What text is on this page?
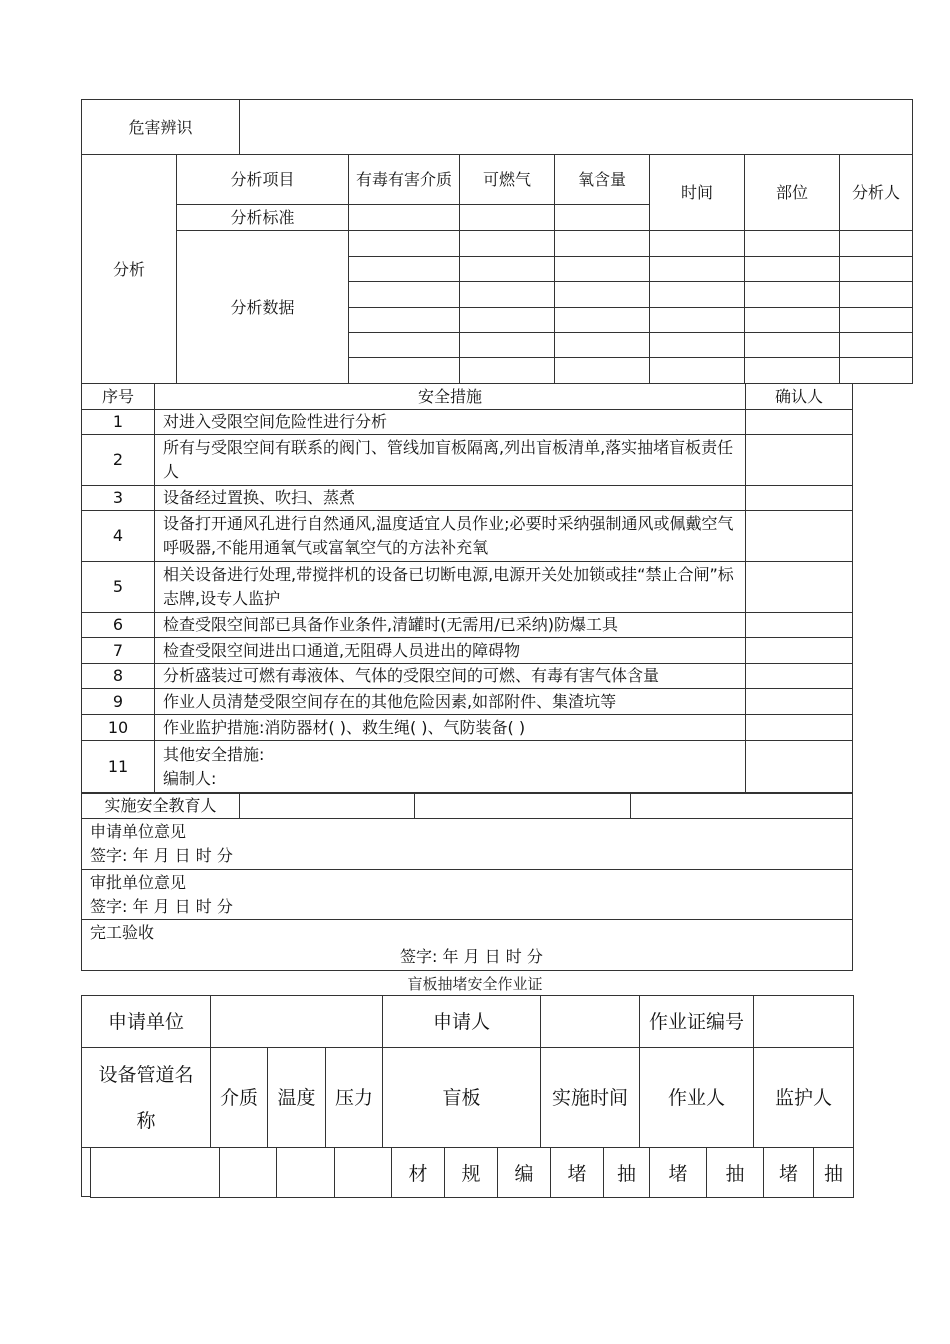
危害辨识								
分析	分析项目		有毒有害介质	可燃气	氧含量	时间	部位	分析人
	分析标准							
	分析数据							

序号	安全措施	确认人
1	对进入受限空间危险性进行分析	
2	所有与受限空间有联系的阀门、管线加盲板隔离,列出盲板清单,落实抽堵盲板责任人	
3	设备经过置换、吹扫、蒸煮	
4	设备打开通风孔进行自然通风,温度适宜人员作业;必要时采纳强制通风或佩戴空气呼吸器,不能用通氧气或富氧空气的方法补充氧	
5	相关设备进行处理,带搅拌机的设备已切断电源,电源开关处加锁或挂“禁止合闸”标志牌,设专人监护	
6	检查受限空间部已具备作业条件,清罐时(无需用/已采纳)防爆工具	
7	检查受限空间进出口通道,无阻碍人员进出的障碍物	
8	分析盛装过可燃有毒液体、气体的受限空间的可燃、有毒有害气体含量	
9	作业人员清楚受限空间存在的其他危险因素,如部附件、集渣坑等	
10	作业监护措施:消防器材( )、救生绳( )、气防装备( )	
11	其他安全措施:
编制人:	

实施安全教育人			

申请单位意见
签字: 年 月 日 时 分

审批单位意见
签字: 年 月 日 时 分

完工验收
签字: 年 月 日 时 分
盲板抽堵安全作业证
申请单位				申请人		作业证编号	

设备管道名
称	介质	温度	压力	盲板	实施时间	作业人	监护人
				材	规	编	堵	抽	堵	抽	堵	抽
